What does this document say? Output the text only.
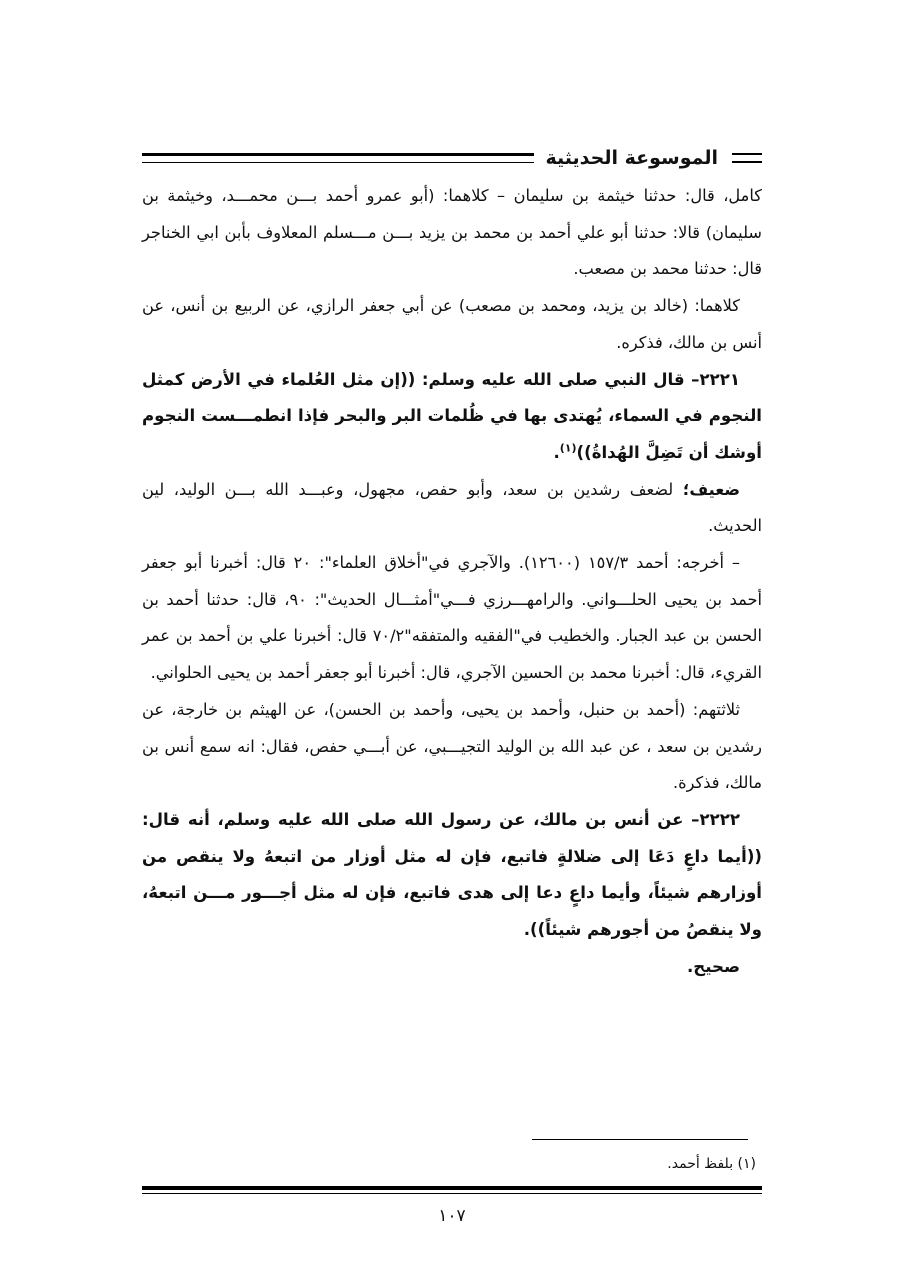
الموسوعة الحديثية

كامل، قال: حدثنا خيثمة بن سليمان – كلاهما: (أبو عمرو أحمد بـــن محمـــد، وخيثمة بن سليمان) قالا: حدثنا أبو علي أحمد بن محمد بن يزيد بـــن مـــسلم المعلاوف بأبن ابي الخناجر قال: حدثنا محمد بن مصعب.

كلاهما: (خالد بن يزيد، ومحمد بن مصعب) عن أبي جعفر الرازي، عن الربيع بن أنس، عن أنس بن مالك، فذكره.

٢٢٢١– قال النبي صلى الله عليه وسلم: ((إن مثل العُلماء في الأرض كمثل النجوم في السماء، يُهتدى بها في ظُلمات البر والبحر فإذا انطمـــست النجوم أوشك أن تَضِلَّ الهُداةُ))$^{(١)}$.

ضعيف؛ لضعف رشدين بن سعد، وأبو حفص، مجهول، وعبـــد الله بـــن الوليد، لين الحديث.

– أخرجه: أحمد ١٥٧/٣ (١٢٦٠٠). والآجري في"أخلاق العلماء": ٢٠ قال: أخبرنا أبو جعفر أحمد بن يحيى الحلـــواني. والرامهـــرزي فـــي"أمثـــال الحديث": ٩٠، قال: حدثنا أحمد بن الحسن بن عبد الجبار. والخطيب في"الفقيه والمتفقه"٧٠/٢ قال: أخبرنا علي بن أحمد بن عمر القريء، قال: أخبرنا محمد بن الحسين الآجري، قال: أخبرنا أبو جعفر أحمد بن يحيى الحلواني.

ثلاثتهم: (أحمد بن حنبل، وأحمد بن يحيى، وأحمد بن الحسن)، عن الهيثم بن خارجة، عن رشدين بن سعد ، عن عبد الله بن الوليد التجيـــبي، عن أبـــي حفص، فقال: انه سمع أنس بن مالك، فذكرة.

٢٢٢٢– عن أنس بن مالك، عن رسول الله صلى الله عليه وسلم، أنه قال: ((أيما داعٍ دَعَا إلى ضلالةٍ فاتبع، فإن له مثل أوزار من اتبعهُ ولا ينقص من أوزارهم شيئاً، وأيما داعٍ دعا إلى هدى فاتبع، فإن له مثل أجـــور مـــن اتبعهُ، ولا ينقصُ من أجورهم شيئاً)).

صحيح.

(١) بلفظ أحمد.
١٠٧
